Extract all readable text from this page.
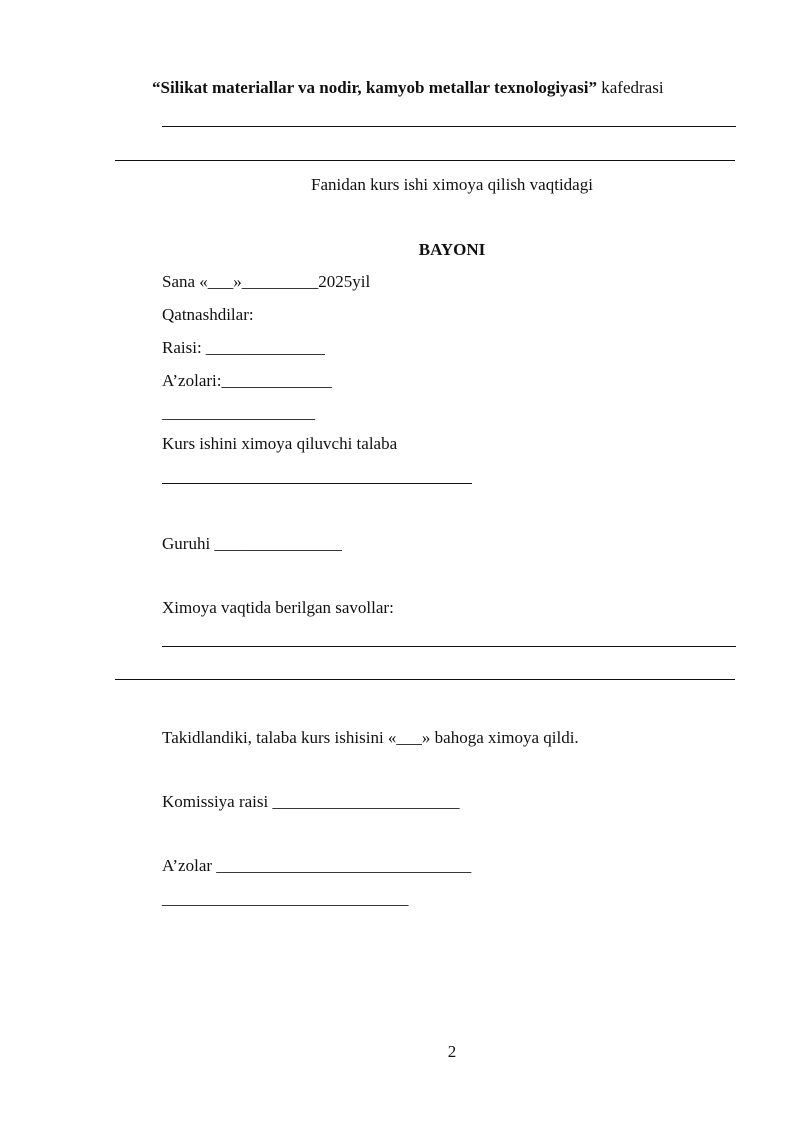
“Silikat materiallar va nodir, kamyob metallar texnologiyasi” kafedrasi
Fanidan kurs ishi ximoya qilish vaqtidagi
BAYONI
Sana «___»_________2025yil
Qatnashdilar:
Raisi: ______________
A’zolari:_____________
__________________
Kurs ishini ximoya qiluvchi talaba
Guruhi _______________
Ximoya vaqtida berilgan savollar:
Takidlandiki, talaba kurs ishisini «___» bahoga ximoya qildi.
Komissiya raisi ______________________
A’zolar ______________________________
_____________________________
2
